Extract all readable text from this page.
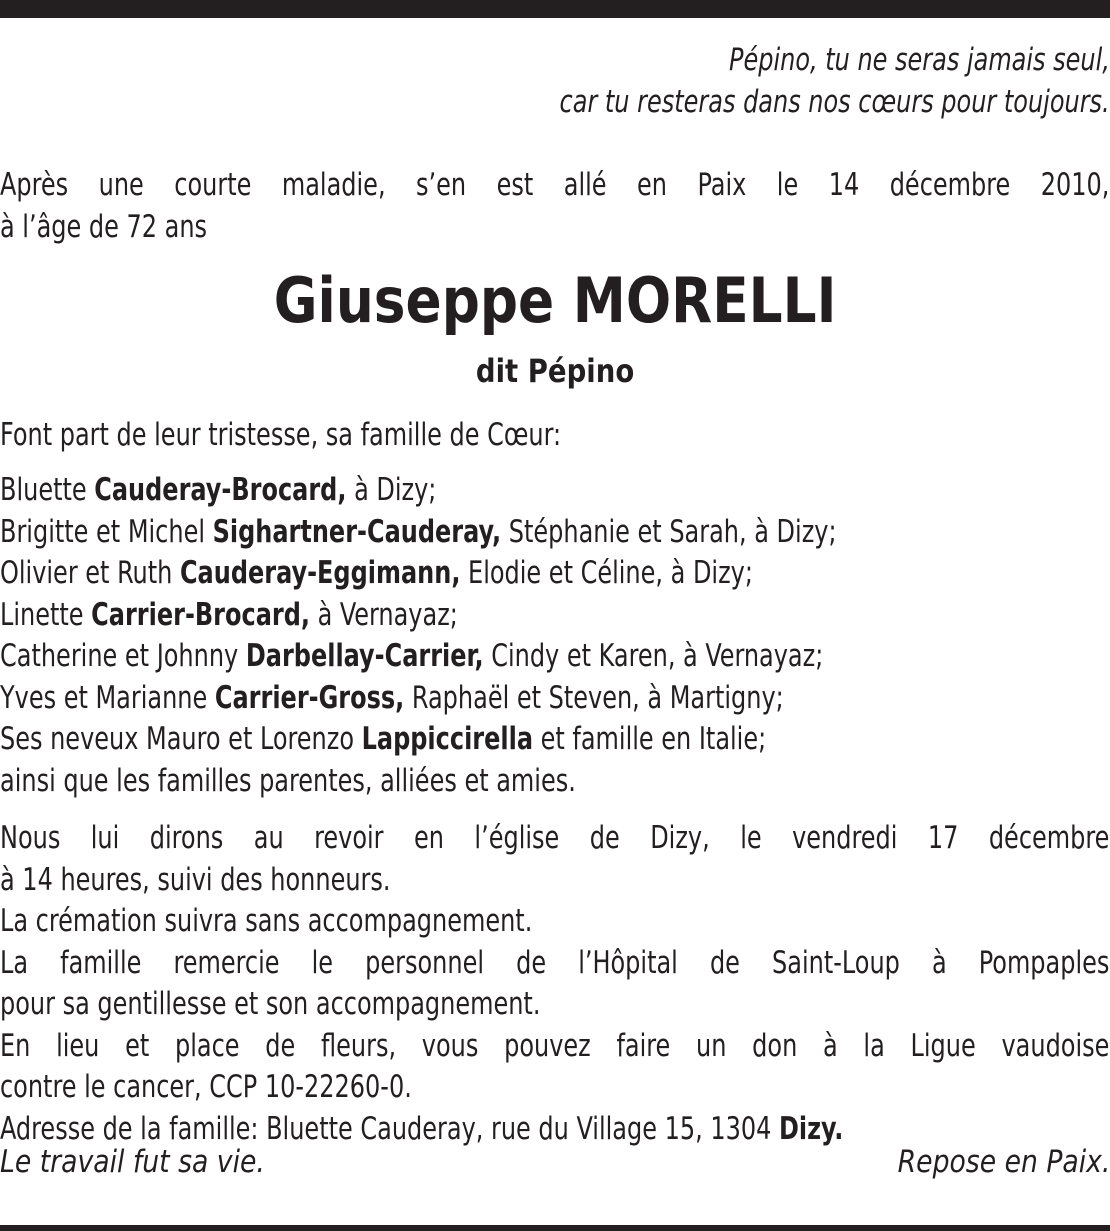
Pépino, tu ne seras jamais seul,
car tu resteras dans nos cœurs pour toujours.
Après une courte maladie, s’en est allé en Paix le 14 décembre 2010,
à l’âge de 72 ans
Giuseppe MORELLI
dit Pépino
Font part de leur tristesse, sa famille de Cœur:
Bluette Cauderay-Brocard, à Dizy;
Brigitte et Michel Sighartner-Cauderay, Stéphanie et Sarah, à Dizy;
Olivier et Ruth Cauderay-Eggimann, Elodie et Céline, à Dizy;
Linette Carrier-Brocard, à Vernayaz;
Catherine et Johnny Darbellay-Carrier, Cindy et Karen, à Vernayaz;
Yves et Marianne Carrier-Gross, Raphaël et Steven, à Martigny;
Ses neveux Mauro et Lorenzo Lappiccirella et famille en Italie;
ainsi que les familles parentes, alliées et amies.
Nous lui dirons au revoir en l’église de Dizy, le vendredi 17 décembre
à 14 heures, suivi des honneurs.
La crémation suivra sans accompagnement.
La famille remercie le personnel de l’Hôpital de Saint-Loup à Pompaples
pour sa gentillesse et son accompagnement.
En lieu et place de fleurs, vous pouvez faire un don à la Ligue vaudoise
contre le cancer, CCP 10-22260-0.
Adresse de la famille: Bluette Cauderay, rue du Village 15, 1304 Dizy.
Le travail fut sa vie.	Repose en Paix.
